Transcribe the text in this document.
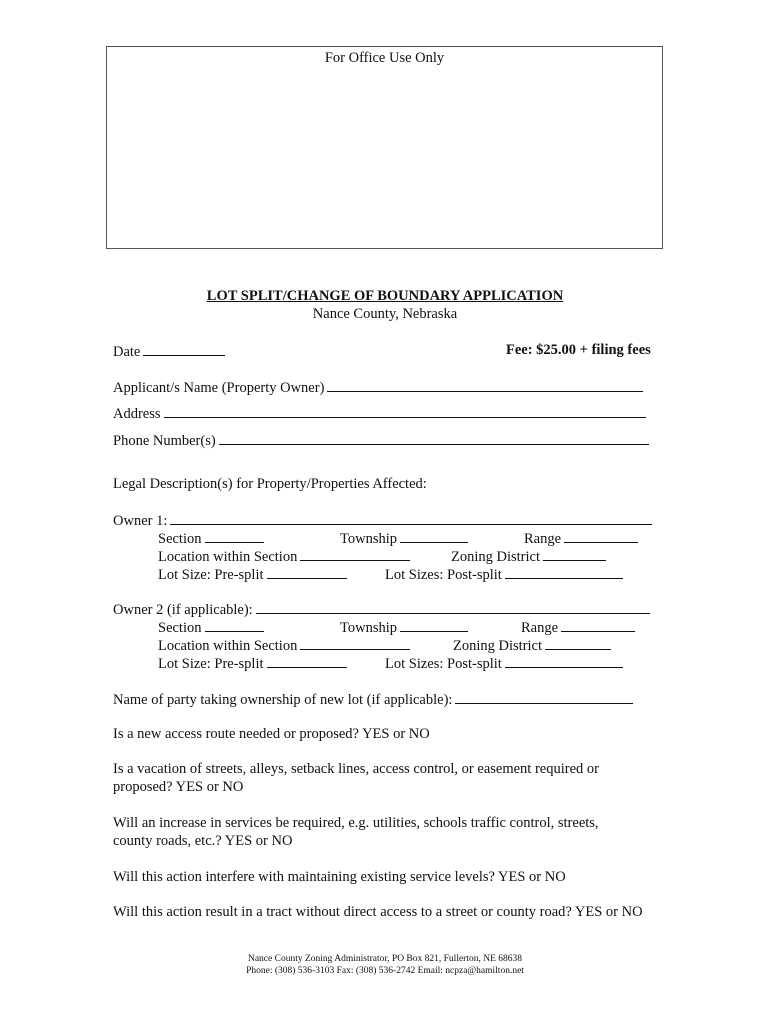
For Office Use Only
LOT SPLIT/CHANGE OF BOUNDARY APPLICATION
Nance County, Nebraska
Date	Fee: $25.00 + filing fees
Applicant/s Name (Property Owner)
Address
Phone Number(s)
Legal Description(s) for Property/Properties Affected:
Owner 1:
Section	Township	Range
Location within Section	Zoning District
Lot Size: Pre-split	Lot Sizes: Post-split
Owner 2 (if applicable):
Section	Township	Range
Location within Section	Zoning District
Lot Size: Pre-split	Lot Sizes: Post-split
Name of party taking ownership of new lot (if applicable):
Is a new access route needed or proposed? YES or NO
Is a vacation of streets, alleys, setback lines, access control, or easement required or
proposed? YES or NO
Will an increase in services be required, e.g. utilities, schools traffic control, streets,
county roads, etc.? YES or NO
Will this action interfere with maintaining existing service levels? YES or NO
Will this action result in a tract without direct access to a street or county road? YES or NO
Nance County Zoning Administrator, PO Box 821, Fullerton, NE 68638
Phone: (308) 536-3103 Fax: (308) 536-2742 Email: ncpza@hamilton.net
